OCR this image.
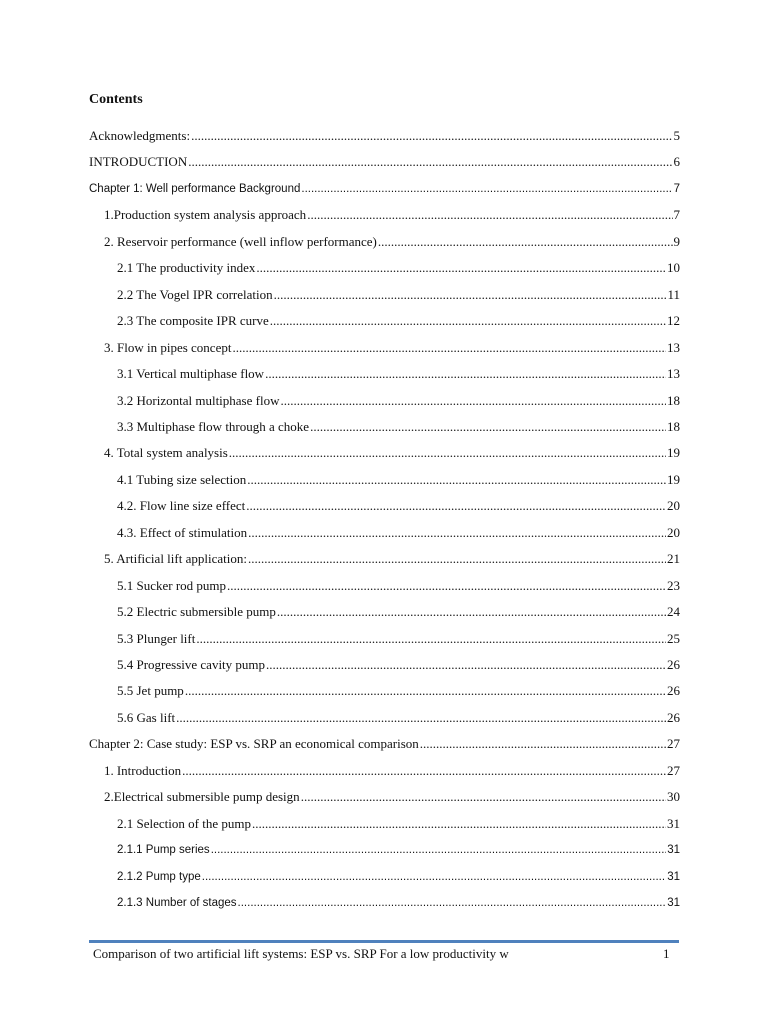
Contents
Acknowledgments: .....	5
INTRODUCTION .....	6
Chapter 1: Well performance Background .....	7
1. Production system analysis approach .....	7
2. Reservoir performance (well inflow performance) .....	9
2.1 The productivity index .....	10
2.2 The Vogel IPR correlation .....	11
2.3 The composite IPR curve .....	12
3. Flow in pipes concept .....	13
3.1 Vertical multiphase flow .....	13
3.2 Horizontal multiphase flow .....	18
3.3 Multiphase flow through a choke .....	18
4. Total system analysis .....	19
4.1 Tubing size selection .....	19
4.2. Flow line size effect .....	20
4.3. Effect of stimulation .....	20
5. Artificial lift application: .....	21
5.1 Sucker rod pump .....	23
5.2 Electric submersible pump .....	24
5.3 Plunger lift .....	25
5.4 Progressive cavity pump .....	26
5.5 Jet pump .....	26
5.6 Gas lift .....	26
Chapter 2: Case study: ESP vs. SRP an economical comparison .....	27
1. Introduction .....	27
2. Electrical submersible pump design .....	30
2.1 Selection of the pump .....	31
2.1.1 Pump series .....	31
2.1.2 Pump type .....	31
2.1.3 Number of stages .....	31
Comparison of two artificial lift systems: ESP vs. SRP For a low productivity w	1
